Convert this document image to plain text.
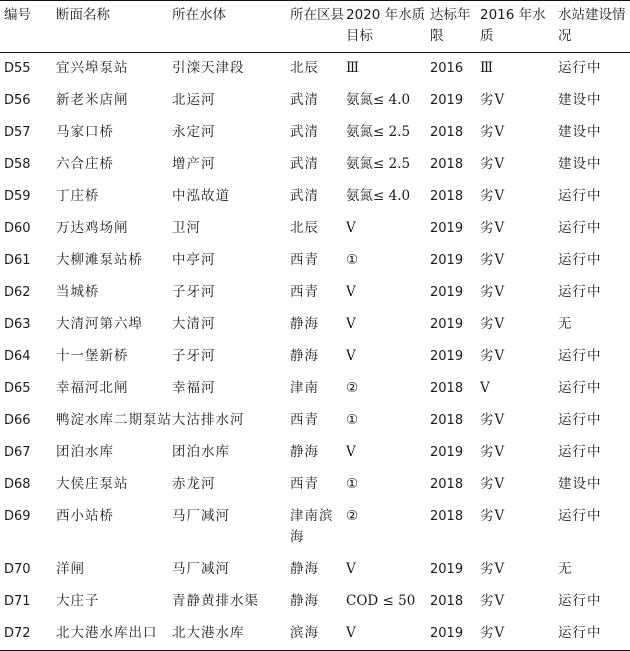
编号	断面名称	所在水体	所在区县	2020 年水质目标	达标年限	2016 年水质	水站建设情况
D55	宜兴埠泵站	引滦天津段	北辰	Ⅲ	2016	Ⅲ	运行中
D56	新老米店闸	北运河	武清	氨氮≤ 4.0	2019	劣Ⅴ	建设中
D57	马家口桥	永定河	武清	氨氮≤ 2.5	2018	劣Ⅴ	建设中
D58	六合庄桥	增产河	武清	氨氮≤ 2.5	2018	劣Ⅴ	建设中
D59	丁庄桥	中泓故道	武清	氨氮≤ 4.0	2018	劣Ⅴ	运行中
D60	万达鸡场闸	卫河	北辰	Ⅴ	2019	劣Ⅴ	运行中
D61	大柳滩泵站桥	中亭河	西青	①	2019	劣Ⅴ	运行中
D62	当城桥	子牙河	西青	Ⅴ	2019	劣Ⅴ	运行中
D63	大清河第六埠	大清河	静海	Ⅴ	2019	劣Ⅴ	无
D64	十一堡新桥	子牙河	静海	Ⅴ	2019	劣Ⅴ	运行中
D65	幸福河北闸	幸福河	津南	②	2018	Ⅴ	运行中
D66	鸭淀水库二期泵站	大沽排水河	西青	①	2018	劣Ⅴ	运行中
D67	团泊水库	团泊水库	静海	Ⅴ	2019	劣Ⅴ	运行中
D68	大侯庄泵站	赤龙河	西青	①	2018	劣Ⅴ	建设中
D69	西小站桥	马厂减河	津南滨海	②	2018	劣Ⅴ	运行中
D70	洋闸	马厂减河	静海	Ⅴ	2019	劣Ⅴ	无
D71	大庄子	青静黄排水渠	静海	COD ≤ 50	2018	劣Ⅴ	运行中
D72	北大港水库出口	北大港水库	滨海	Ⅴ	2019	劣Ⅴ	运行中
